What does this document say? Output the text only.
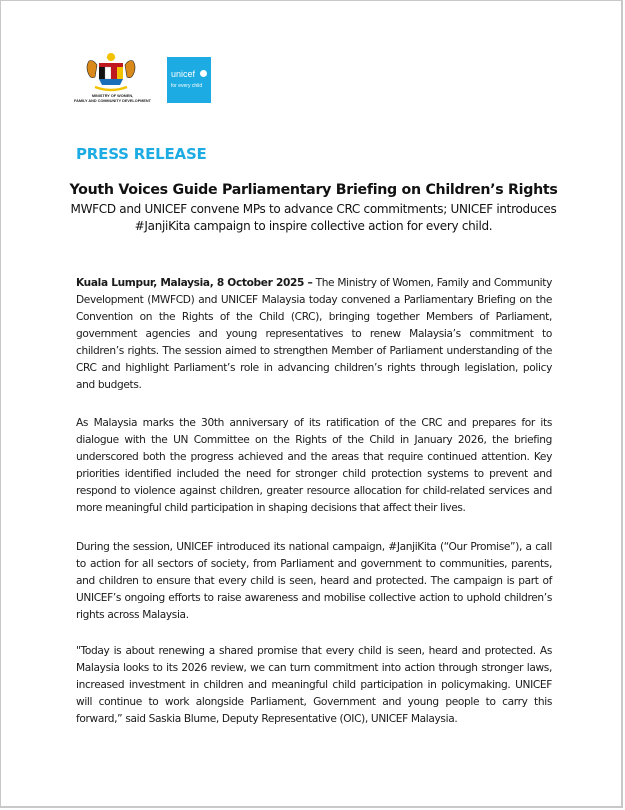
MINISTRY OF WOMEN,
FAMILY AND COMMUNITY DEVELOPMENT
unicef
for every child
PRESS RELEASE
Youth Voices Guide Parliamentary Briefing on Children’s Rights
MWFCD and UNICEF convene MPs to advance CRC commitments; UNICEF introduces #JanjiKita campaign to inspire collective action for every child.

Kuala Lumpur, Malaysia, 8 October 2025 – The Ministry of Women, Family and Community Development (MWFCD) and UNICEF Malaysia today convened a Parliamentary Briefing on the Convention on the Rights of the Child (CRC), bringing together Members of Parliament, government agencies and young representatives to renew Malaysia’s commitment to children’s rights. The session aimed to strengthen Member of Parliament understanding of the CRC and highlight Parliament’s role in advancing children’s rights through legislation, policy and budgets.

As Malaysia marks the 30th anniversary of its ratification of the CRC and prepares for its dialogue with the UN Committee on the Rights of the Child in January 2026, the briefing underscored both the progress achieved and the areas that require continued attention. Key priorities identified included the need for stronger child protection systems to prevent and respond to violence against children, greater resource allocation for child-related services and more meaningful child participation in shaping decisions that affect their lives.

During the session, UNICEF introduced its national campaign, #JanjiKita (“Our Promise”), a call to action for all sectors of society, from Parliament and government to communities, parents, and children to ensure that every child is seen, heard and protected. The campaign is part of UNICEF’s ongoing efforts to raise awareness and mobilise collective action to uphold children’s rights across Malaysia.

"Today is about renewing a shared promise that every child is seen, heard and protected. As Malaysia looks to its 2026 review, we can turn commitment into action through stronger laws, increased investment in children and meaningful child participation in policymaking. UNICEF will continue to work alongside Parliament, Government and young people to carry this forward,” said Saskia Blume, Deputy Representative (OIC), UNICEF Malaysia.
